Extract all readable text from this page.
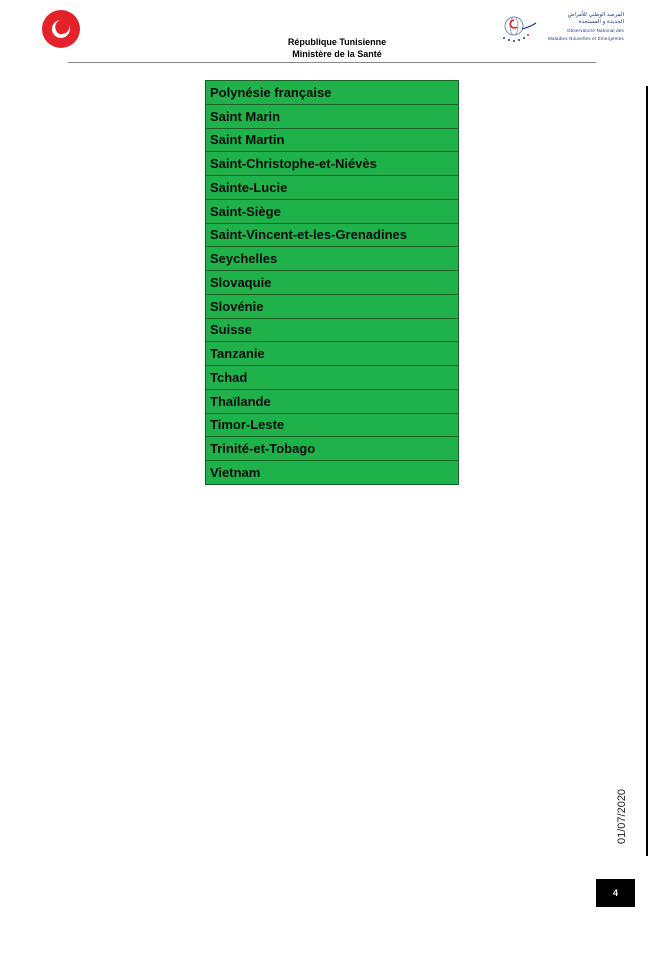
République Tunisienne
Ministère de la Santé
المرصد الوطني للأمراض
الجديدة و المستجدة
Observatoire National des
Maladies Nouvelles et Emergentes
Polynésie française
Saint Marin
Saint Martin
Saint-Christophe-et-Niévès
Sainte-Lucie
Saint-Siège
Saint-Vincent-et-les-Grenadines
Seychelles
Slovaquie
Slovénie
Suisse
Tanzanie
Tchad
Thaïlande
Timor-Leste
Trinité-et-Tobago
Vietnam
01/07/2020
4
